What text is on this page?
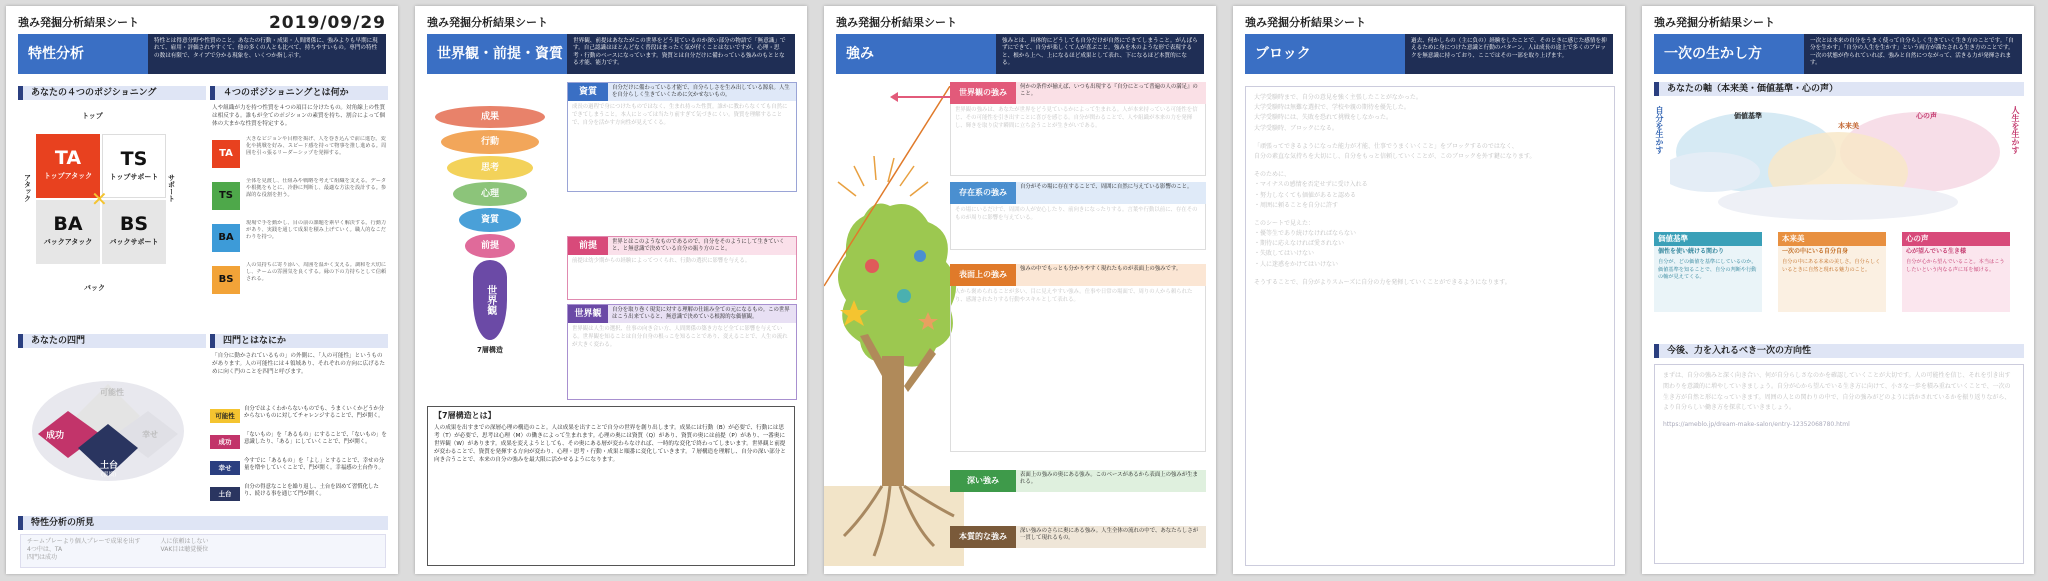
強み発掘分析結果シート	2019/09/29
特性分析
特性とは得意分野や性質のこと。あなたの行動・成果・人間関係に、強みよりも早期に現れて、雇用・評価されやすくて、他の多くの人とも比べて、持ちやすいもの。専門の特性の数は有限で、タイプで分かる現象を、いくつか指し示す。
あなたの４つのポジショニング	４つのポジショニングとは何か
トップ
バック
アタック	サポート
TA
トップアタック
TS
トップサポート
BA
バックアタック
BS
バックサポート
✕
人や組織が力を持つ性質を４つの項目に分けたもの。対角線上の性質は相反する。誰もが全てのポジションの素質を持ち、割合によって個体の大まかな性質を特定する。
TA
大きなビジョンや目標を掲げ、人を巻き込んで前に進む。変化や挑戦を好み、スピード感を持って物事を推し進める。周囲を引っ張るリーダーシップを発揮する。
TS
全体を見渡し、仕組みや戦略を考えて組織を支える。データや根拠をもとに、冷静に判断し、最適な方法を設計する。参謀的な役割を担う。
BA
現場で手を動かし、目の前の課題を素早く解決する。行動力があり、実践を通して成果を積み上げていく。職人的なこだわりを持つ。
BS
人の気持ちに寄り添い、周囲を温かく支える。調和を大切にし、チームの雰囲気を良くする。縁の下の力持ちとして信頼される。
あなたの四門	四門とはなにか
可能性
成功	幸せ
土台
(習慣)
「自分に動かされているもの」の外側に、「人の可能性」というものがあります。人の可能性には４領域あり、それぞれの方向に広げるために向く門のことを四門と呼びます。
可能性
自分ではよくわからないものでも、うまくいくかどうか分からないものに対してチャレンジすることで、門が開く。
成功
「ないもの」を「あるもの」にすることで、「ないもの」を意識したり、「ある」にしていくことで、門が開く。
幸せ
今すでに「あるもの」を「よし」とすることで、幸せの分量を増やしていくことで、門が開く。幸福感の土台作り。
土台
自分の得意なことを繰り返し、土台を固めて習慣化したり、続ける事を通じて門が開く。
特性分析の所見
チームプレーより個人プレーで成果を出す
4つ中は、TA
四門は成功
人に依頼はしない
VAK目は聴覚優位
強み発掘分析結果シート
世界観・前提・資質
世界観、前提はあなたがこの世界をどう見ているのか深い部分の物語で「無意識」です。自己認識はほとんどなく普段はまったく気が付くことはないですが、心理・思考・行動のベースになっています。資質とは自分だけに備わっている強みのもととなる才能、能力です。
成果
行動
思考
心理
資質
前提
世界観
7層構造
資質	自分だけに備わっている才能で、自分らしさを生み出している源泉。人生を自分らしく生きていくために欠かせないもの。
成長の過程で身につけたものではなく、生まれ持った性質。誰かに教わらなくても自然にできてしまうこと。本人にとっては当たり前すぎて気づきにくい。資質を理解することで、自分を活かす方向性が見えてくる。
前提	世界とはこのようなものであるので、自分をそのようにして生きていくと、と無意識で決めている自分の振り方のこと。
前提は幼少期からの経験によってつくられ、行動の選択に影響を与える。
世界観	自分を取り巻く現実に対する理解の仕組み全ての元になるもの。この世界はこう出来ていると、無意識で決めている根源的な価値観。
世界観は人生の選択、仕事の向き合い方、人間関係の築き方など全てに影響を与えている。世界観を知ることは自分自身の根っこを知ることであり、変えることで、人生の流れが大きく変わる。
【7層構造とは】
人の成果を出すまでの深層心理の構造のこと。人は成果を出すことで自分の世界を創り出します。成果には行動（B）が必要で、行動には思考（T）が必要で、思考は心理（M）の働きによって生まれます。心理の奥には資質（Q）があり、資質の奥には前提（P）があり、一番奥に世界観（W）があります。成果を変えようとしても、その奥にある層が変わらなければ、一時的な変化で終わってしまいます。世界観と前提が変わることで、資質を発揮する方向が変わり、心理・思考・行動・成果と順番に変化していきます。７層構造を理解し、自分の深い部分と向き合うことで、本来の自分の強みを最大限に活かせるようになります。
強み発掘分析結果シート
強み
強みとは、具体的にどうしても自分だけが自然にできてしまうこと。がんばらずにできて、自分が楽しくて人が喜ぶこと。強みを木のような形で表現すると、根から上へ、上になるほど成果として表れ、下になるほど本質的になる。
世界観の強み
何かの条件が揃えば、いつも出現する『自分にとって普遍の人の満足』のこと。
世界観の強みは、あなたが世界をどう見ているかによって生まれる。人が本来持っている可能性を信じ、その可能性を引き出すことに喜びを感じる。自分が関わることで、人や組織が本来の力を発揮し、輝きを取り戻す瞬間に立ち会うことが生きがいである。
存在系の強み
自分がその場に存在することで、周囲に自然に与えている影響のこと。
その場にいるだけで、周囲の人が安心したり、前向きになったりする。言葉や行動以前に、存在そのものが周りに影響を与えている。
表面上の強み
強みの中でもっとも分かりやすく現れたものが表面上の強みです。
人から褒められることが多い、目に見えやすい強み。仕事や日常の場面で、周りの人から頼られたり、感謝されたりする行動やスキルとして表れる。
深い強み
表面上の強みの奥にある強み。このベースがあるから表面上の強みが生まれる。
本質的な強み
深い強みのさらに奥にある強み。人生全体の流れの中で、あなたらしさが一貫して現れるもの。
強み発掘分析結果シート
ブロック
過去、何かしらの（主に負の）経験をしたことで、そのときに感じた感情を抑えるために身につけた意識と行動のパターン。人は成長の途上で多くのブロックを無意識に持っており、ここではその一部を取り上げます。
大学受験時まで、自分の意見を強く主張したことがなかった。
大学受験時は無難な選択で、学校や親の期待を優先した。
大学受験時には、失敗を恐れて挑戦をしなかった。
大学受験時、ブロックになる。
「頑張ってできるようになった能力が才能、仕事でうまくいくこと」をブロックするのではなく、
自分の素直な気持ちを大切にし、自分をもっと信頼していくことが、このブロックを外す鍵になります。
そのために、
・マイナスの感情を否定せずに受け入れる
・努力しなくても価値があると認める
・周囲に頼ることを自分に許す
このシートで見えた：
・優等生であり続けなければならない
・期待に応えなければ愛されない
・失敗してはいけない
・人に迷惑をかけてはいけない
そうすることで、自分がよりスムーズに自分の力を発揮していくことができるようになります。
強み発掘分析結果シート
一次の生かし方
一次とは本来の自分をうまく使って自分らしく生きていく生き方のことです。「自分を生かす」「自分の人生を生かす」という両方が満たされる生き方のことです。一次の状態が作られていれば、強みと自然につながって、活きる力が発揮されます。
あなたの軸（本来美・価値基準・心の声）
自分を生かす	人生を生かす
価値基準
本来美
心の声
価値基準
個性を使い続ける関わり
自分が、どの価値を基準にしているのか。価値基準を知ることで、自分の判断や行動の軸が見えてくる。
本来美
一次の中にいる自分自身
自分の中にある本来の美しさ。自分らしくいるときに自然と現れる魅力のこと。
心の声
心が望んでいる生き様
自分が心から望んでいること。本当はこうしたいという内なる声に耳を傾ける。
今後、力を入れるべき一次の方向性
まずは、自分の強みと深く向き合い、何が自分らしさなのかを確認していくことが大切です。人の可能性を信じ、それを引き出す関わりを意識的に増やしていきましょう。自分が心から望んでいる生き方に向けて、小さな一歩を積み重ねていくことで、一次の生き方が自然と形になっていきます。周囲の人との関わりの中で、自分の強みがどのように活かされているかを振り返りながら、より自分らしい働き方を探求していきましょう。
https://ameblo.jp/dream-make-salon/entry-12352068780.html
